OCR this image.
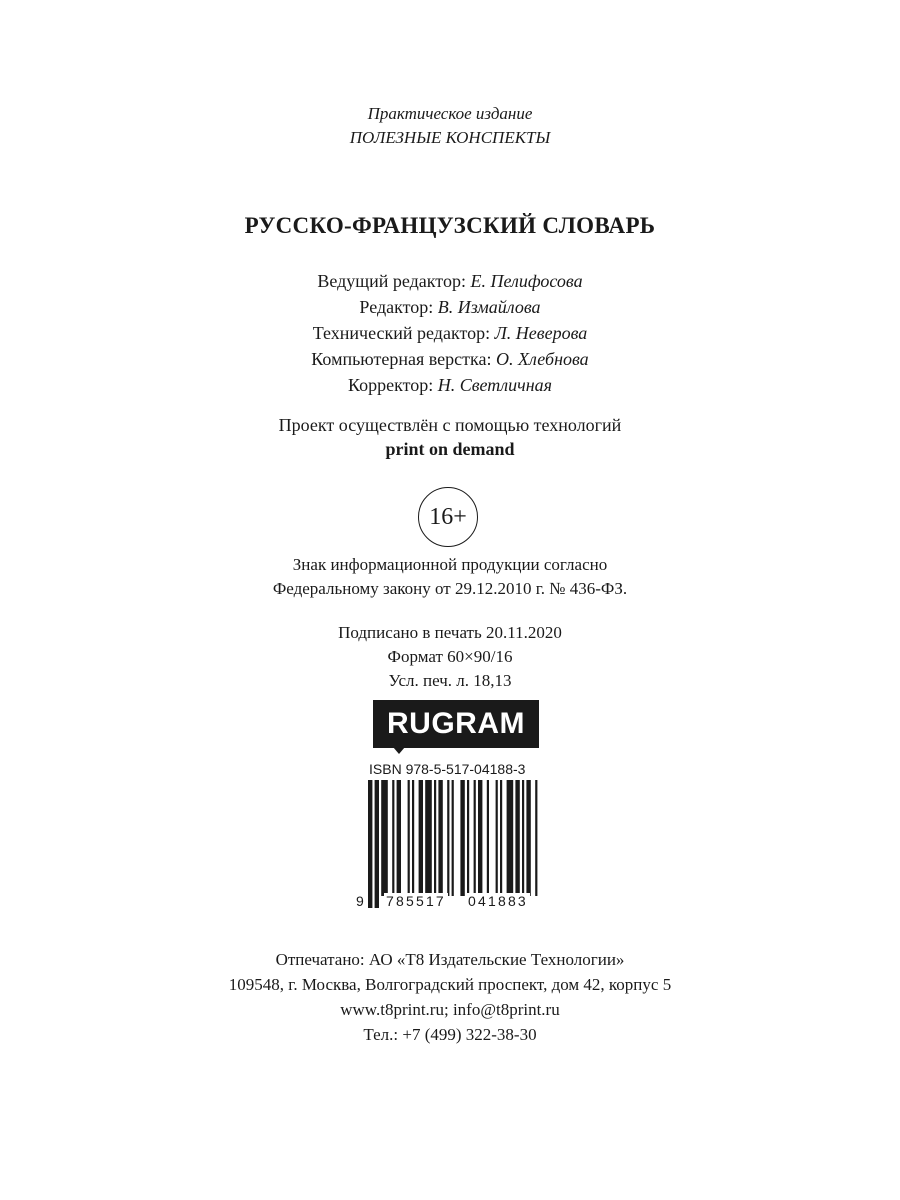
Практическое издание
ПОЛЕЗНЫЕ КОНСПЕКТЫ
РУССКО-ФРАНЦУЗСКИЙ СЛОВАРЬ
Ведущий редактор: Е. Пелифосова
Редактор: В. Измайлова
Технический редактор: Л. Неверова
Компьютерная верстка: О. Хлебнова
Корректор: Н. Светличная
Проект осуществлён с помощью технологий
print on demand
16+
Знак информационной продукции согласно
Федеральному закону от 29.12.2010 г. № 436-ФЗ.
Подписано в печать 20.11.2020
Формат 60×90/16
Усл. печ. л. 18,13
RUGRAM
ISBN 978-5-517-04188-3
9 785517 041883
Отпечатано: АО «Т8 Издательские Технологии»
109548, г. Москва, Волгоградский проспект, дом 42, корпус 5
www.t8print.ru; info@t8print.ru
Тел.: +7 (499) 322-38-30
